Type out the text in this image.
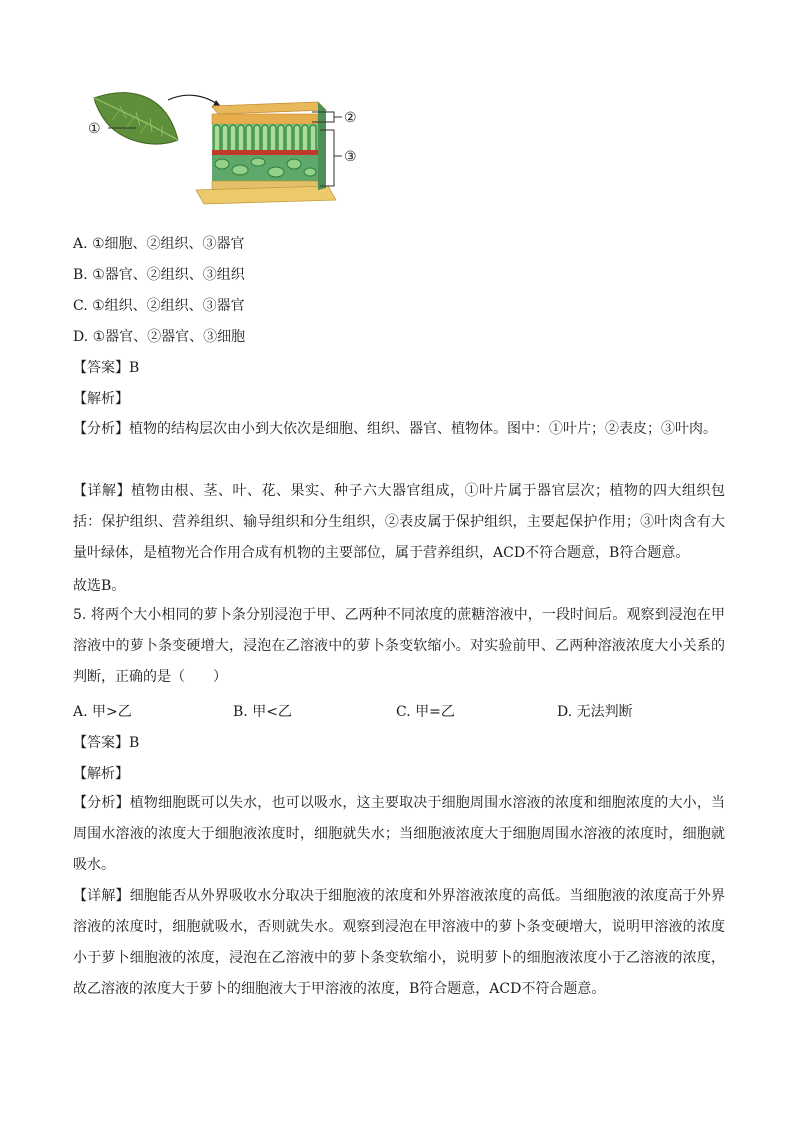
①
②
③
A. ①细胞、②组织、③器官
B. ①器官、②组织、③组织
C. ①组织、②组织、③器官
D. ①器官、②器官、③细胞
【答案】B
【解析】
【分析】植物的结构层次由小到大依次是细胞、组织、器官、植物体。图中：①叶片；②表皮；③叶肉。
【详解】植物由根、茎、叶、花、果实、种子六大器官组成，①叶片属于器官层次；植物的四大组织包括：保护组织、营养组织、输导组织和分生组织，②表皮属于保护组织，主要起保护作用；③叶肉含有大量叶绿体，是植物光合作用合成有机物的主要部位，属于营养组织，ACD不符合题意，B符合题意。
故选B。
5. 将两个大小相同的萝卜条分别浸泡于甲、乙两种不同浓度的蔗糖溶液中，一段时间后。观察到浸泡在甲溶液中的萝卜条变硬增大，浸泡在乙溶液中的萝卜条变软缩小。对实验前甲、乙两种溶液浓度大小关系的判断，正确的是（　　）
A. 甲>乙	B. 甲<乙	C. 甲=乙	D. 无法判断
【答案】B
【解析】
【分析】植物细胞既可以失水，也可以吸水，这主要取决于细胞周围水溶液的浓度和细胞浓度的大小，当周围水溶液的浓度大于细胞液浓度时，细胞就失水；当细胞液浓度大于细胞周围水溶液的浓度时，细胞就吸水。
【详解】细胞能否从外界吸收水分取决于细胞液的浓度和外界溶液浓度的高低。当细胞液的浓度高于外界溶液的浓度时，细胞就吸水，否则就失水。观察到浸泡在甲溶液中的萝卜条变硬增大，说明甲溶液的浓度小于萝卜细胞液的浓度，浸泡在乙溶液中的萝卜条变软缩小，说明萝卜的细胞液浓度小于乙溶液的浓度，故乙溶液的浓度大于萝卜的细胞液大于甲溶液的浓度，B符合题意，ACD不符合题意。
